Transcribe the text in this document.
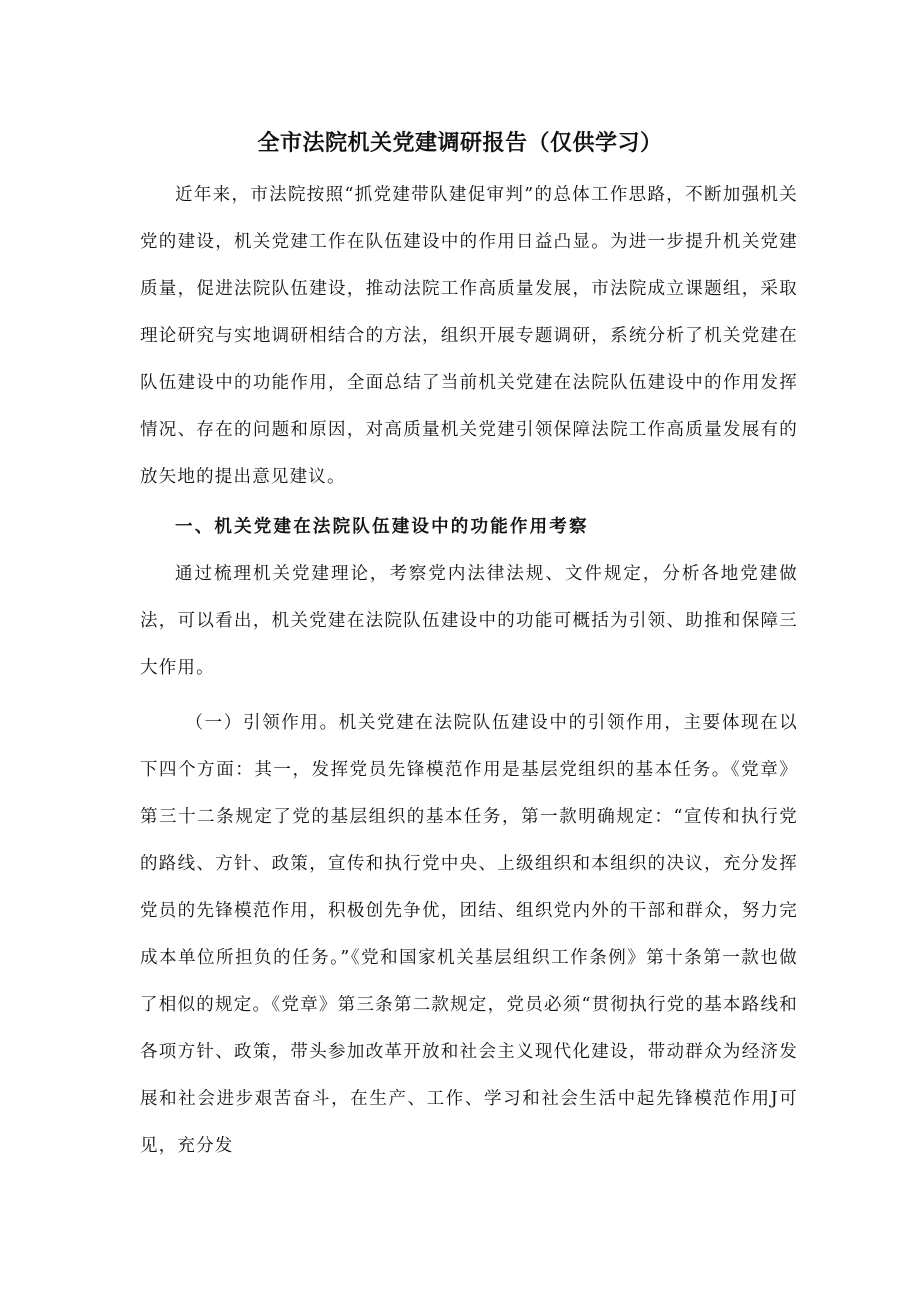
全市法院机关党建调研报告（仅供学习）

近年来，市法院按照“抓党建带队建促审判”的总体工作思路，不断加强机关党的建设，机关党建工作在队伍建设中的作用日益凸显。为进一步提升机关党建质量，促进法院队伍建设，推动法院工作高质量发展，市法院成立课题组，采取理论研究与实地调研相结合的方法，组织开展专题调研，系统分析了机关党建在队伍建设中的功能作用，全面总结了当前机关党建在法院队伍建设中的作用发挥情况、存在的问题和原因，对高质量机关党建引领保障法院工作高质量发展有的放矢地的提出意见建议。

一、机关党建在法院队伍建设中的功能作用考察

通过梳理机关党建理论，考察党内法律法规、文件规定，分析各地党建做法，可以看出，机关党建在法院队伍建设中的功能可概括为引领、助推和保障三大作用。

（一）引领作用。机关党建在法院队伍建设中的引领作用，主要体现在以下四个方面：其一，发挥党员先锋模范作用是基层党组织的基本任务。《党章》第三十二条规定了党的基层组织的基本任务，第一款明确规定：“宣传和执行党的路线、方针、政策，宣传和执行党中央、上级组织和本组织的决议，充分发挥党员的先锋模范作用，积极创先争优，团结、组织党内外的干部和群众，努力完成本单位所担负的任务。”《党和国家机关基层组织工作条例》第十条第一款也做了相似的规定。《党章》第三条第二款规定，党员必须“贯彻执行党的基本路线和各项方针、政策，带头参加改革开放和社会主义现代化建设，带动群众为经济发展和社会进步艰苦奋斗，在生产、工作、学习和社会生活中起先锋模范作用J可见，充分发
